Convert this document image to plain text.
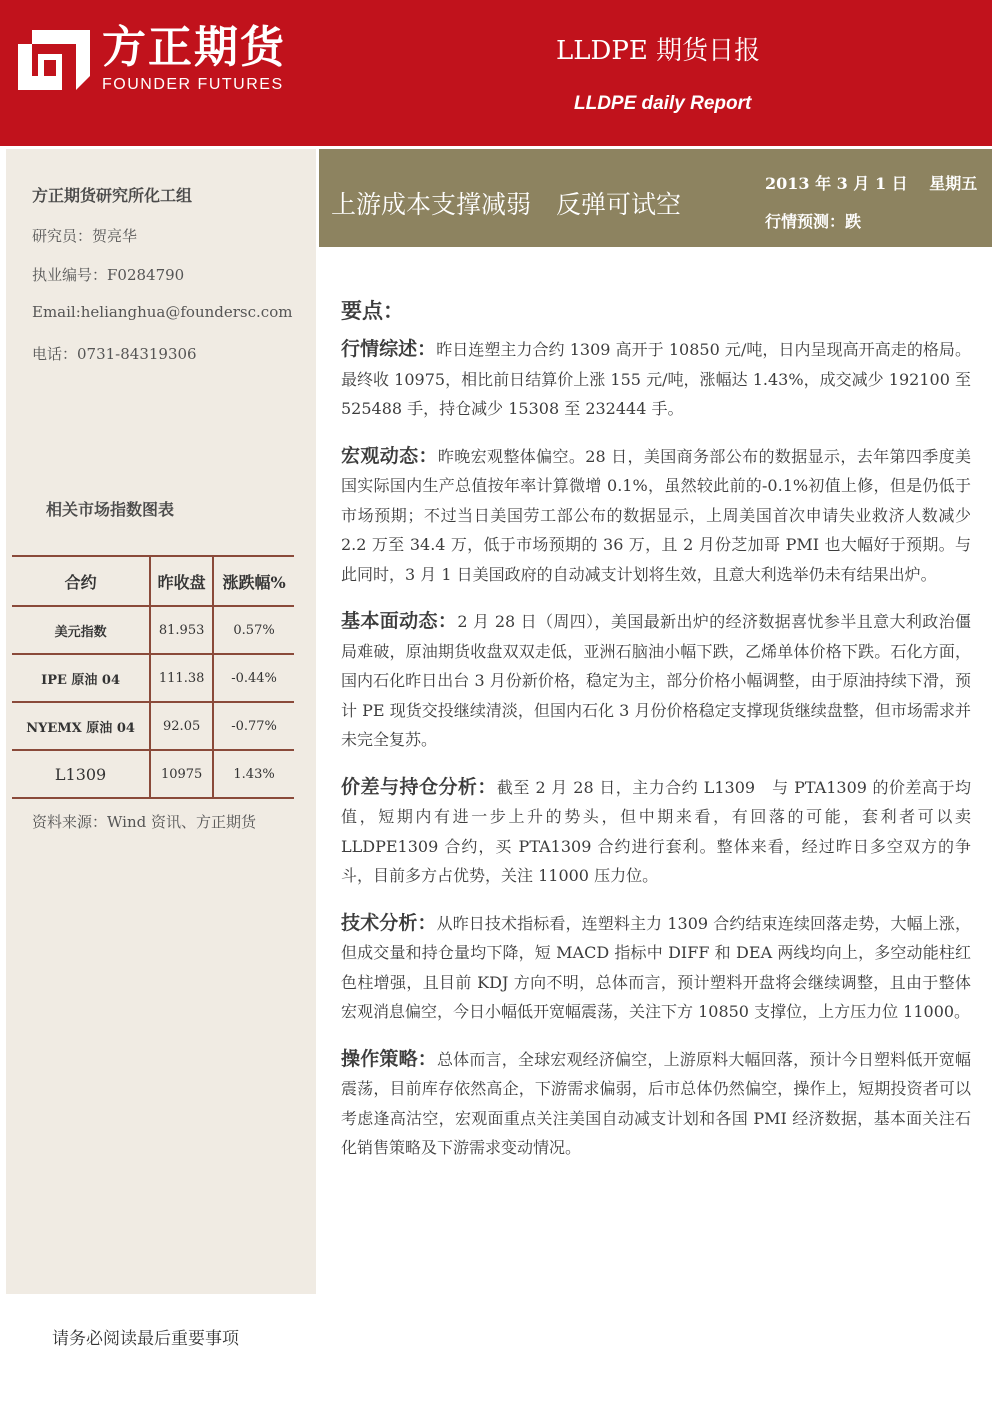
方正期货
FOUNDER FUTURES
LLDPE 期货日报
LLDPE daily Report
方正期货研究所化工组
研究员：贺亮华
执业编号：F0284790
Email:helianghua@foundersc.com
电话：0731-84319306
相关市场指数图表
合约	昨收盘	涨跌幅%
美元指数	81.953	0.57%
IPE 原油 04	111.38	-0.44%
NYEMX 原油 04	92.05	-0.77%
L1309	10975	1.43%
资料来源：Wind 资讯、方正期货
上游成本支撑减弱　反弹可试空
2013 年 3 月 1 日　 星期五
行情预测：跌
要点：

行情综述：昨日连塑主力合约 1309 高开于 10850 元/吨，日内呈现高开高走的格局。最终收 10975，相比前日结算价上涨 155 元/吨，涨幅达 1.43%，成交减少 192100 至 525488 手，持仓减少 15308 至 232444 手。

宏观动态：昨晚宏观整体偏空。28 日，美国商务部公布的数据显示，去年第四季度美国实际国内生产总值按年率计算微增 0.1%，虽然较此前的-0.1%初值上修，但是仍低于市场预期；不过当日美国劳工部公布的数据显示，上周美国首次申请失业救济人数减少 2.2 万至 34.4 万，低于市场预期的 36 万，且 2 月份芝加哥 PMI 也大幅好于预期。与此同时，3 月 1 日美国政府的自动减支计划将生效，且意大利选举仍未有结果出炉。

基本面动态：2 月 28 日（周四），美国最新出炉的经济数据喜忧参半且意大利政治僵局难破，原油期货收盘双双走低，亚洲石脑油小幅下跌，乙烯单体价格下跌。石化方面，国内石化昨日出台 3 月份新价格，稳定为主，部分价格小幅调整，由于原油持续下滑，预计 PE 现货交投继续清淡，但国内石化 3 月份价格稳定支撑现货继续盘整，但市场需求并未完全复苏。

价差与持仓分析：截至 2 月 28 日，主力合约 L1309　与 PTA1309 的价差高于均值，短期内有进一步上升的势头，但中期来看，有回落的可能，套利者可以卖 LLDPE1309 合约，买 PTA1309 合约进行套利。整体来看，经过昨日多空双方的争斗，目前多方占优势，关注 11000 压力位。

技术分析：从昨日技术指标看，连塑料主力 1309 合约结束连续回落走势，大幅上涨，但成交量和持仓量均下降，短 MACD 指标中 DIFF 和 DEA 两线均向上，多空动能柱红色柱增强，且目前 KDJ 方向不明，总体而言，预计塑料开盘将会继续调整，且由于整体宏观消息偏空，今日小幅低开宽幅震荡，关注下方 10850 支撑位，上方压力位 11000。

操作策略：总体而言，全球宏观经济偏空，上游原料大幅回落，预计今日塑料低开宽幅震荡，目前库存依然高企，下游需求偏弱，后市总体仍然偏空，操作上，短期投资者可以考虑逢高沽空，宏观面重点关注美国自动减支计划和各国 PMI 经济数据，基本面关注石化销售策略及下游需求变动情况。

请务必阅读最后重要事项
